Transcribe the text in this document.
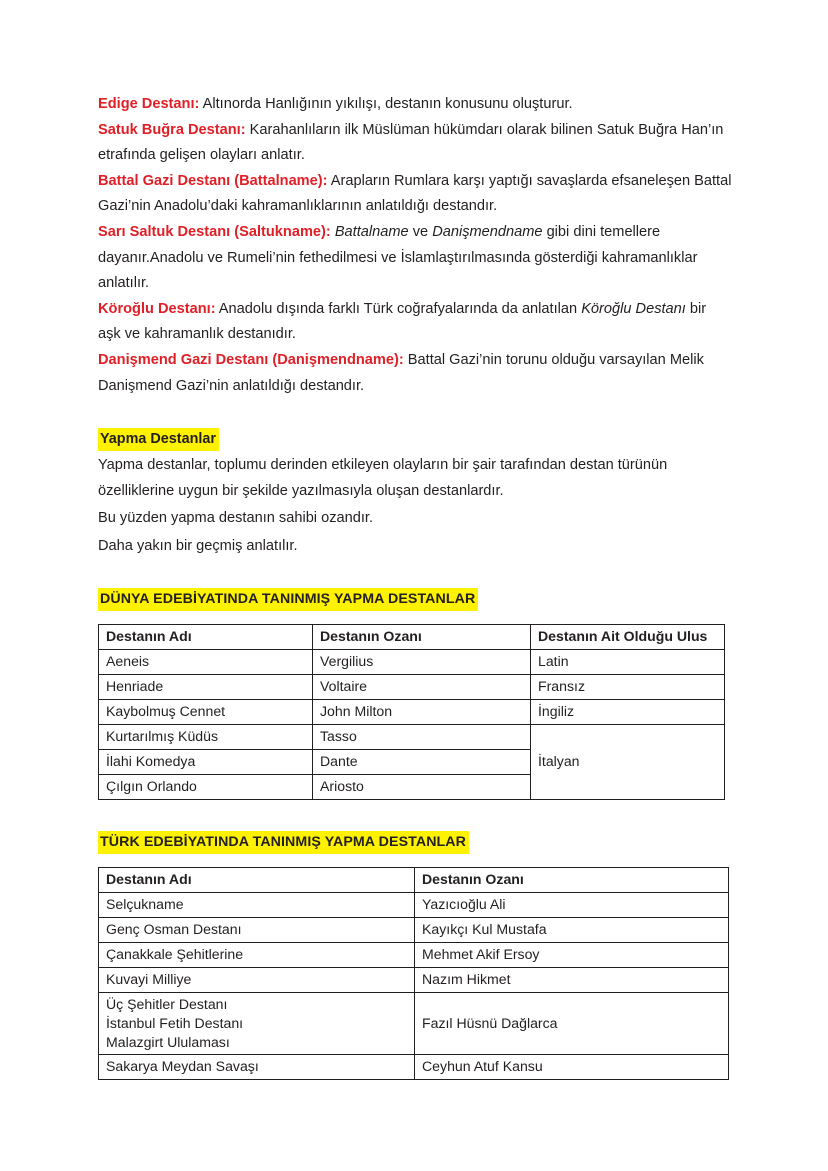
Edige Destanı: Altınorda Hanlığının yıkılışı, destanın konusunu oluşturur.

Satuk Buğra Destanı: Karahanlıların ilk Müslüman hükümdarı olarak bilinen Satuk Buğra Han’ın etrafında gelişen olayları anlatır.

Battal Gazi Destanı (Battalname): Arapların Rumlara karşı yaptığı savaşlarda efsaneleşen Battal Gazi’nin Anadolu’daki kahramanlıklarının anlatıldığı destandır.

Sarı Saltuk Destanı (Saltukname): Battalname ve Danişmendname gibi dini temellere dayanır.Anadolu ve Rumeli’nin fethedilmesi ve İslamlaştırılmasında gösterdiği kahramanlıklar anlatılır.

Köroğlu Destanı: Anadolu dışında farklı Türk coğrafyalarında da anlatılan Köroğlu Destanı bir aşk ve kahramanlık destanıdır.

Danişmend Gazi Destanı (Danişmendname): Battal Gazi’nin torunu olduğu varsayılan Melik Danişmend Gazi’nin anlatıldığı destandır.

Yapma Destanlar

Yapma destanlar, toplumu derinden etkileyen olayların bir şair tarafından destan türünün özelliklerine uygun bir şekilde yazılmasıyla oluşan destanlardır.

Bu yüzden yapma destanın sahibi ozandır.

Daha yakın bir geçmiş anlatılır.

DÜNYA EDEBİYATINDA TANINMIŞ YAPMA DESTANLAR
Destanın Adı	Destanın Ozanı	Destanın Ait Olduğu Ulus
Aeneis	Vergilius	Latin
Henriade	Voltaire	Fransız
Kaybolmuş Cennet	John Milton	İngiliz
Kurtarılmış Küdüs	Tasso	İtalyan
İlahi Komedya	Dante	
Çılgın Orlando	Ariosto	
TÜRK EDEBİYATINDA TANINMIŞ YAPMA DESTANLAR
Destanın Adı	Destanın Ozanı
Selçukname	Yazıcıoğlu Ali
Genç Osman Destanı	Kayıkçı Kul Mustafa
Çanakkale Şehitlerine	Mehmet Akif Ersoy
Kuvayi Milliye	Nazım Hikmet

Üç Şehitler Destanı
İstanbul Fetih Destanı
Malazgirt Ululaması	Fazıl Hüsnü Dağlarca
Sakarya Meydan Savaşı	Ceyhun Atuf Kansu
